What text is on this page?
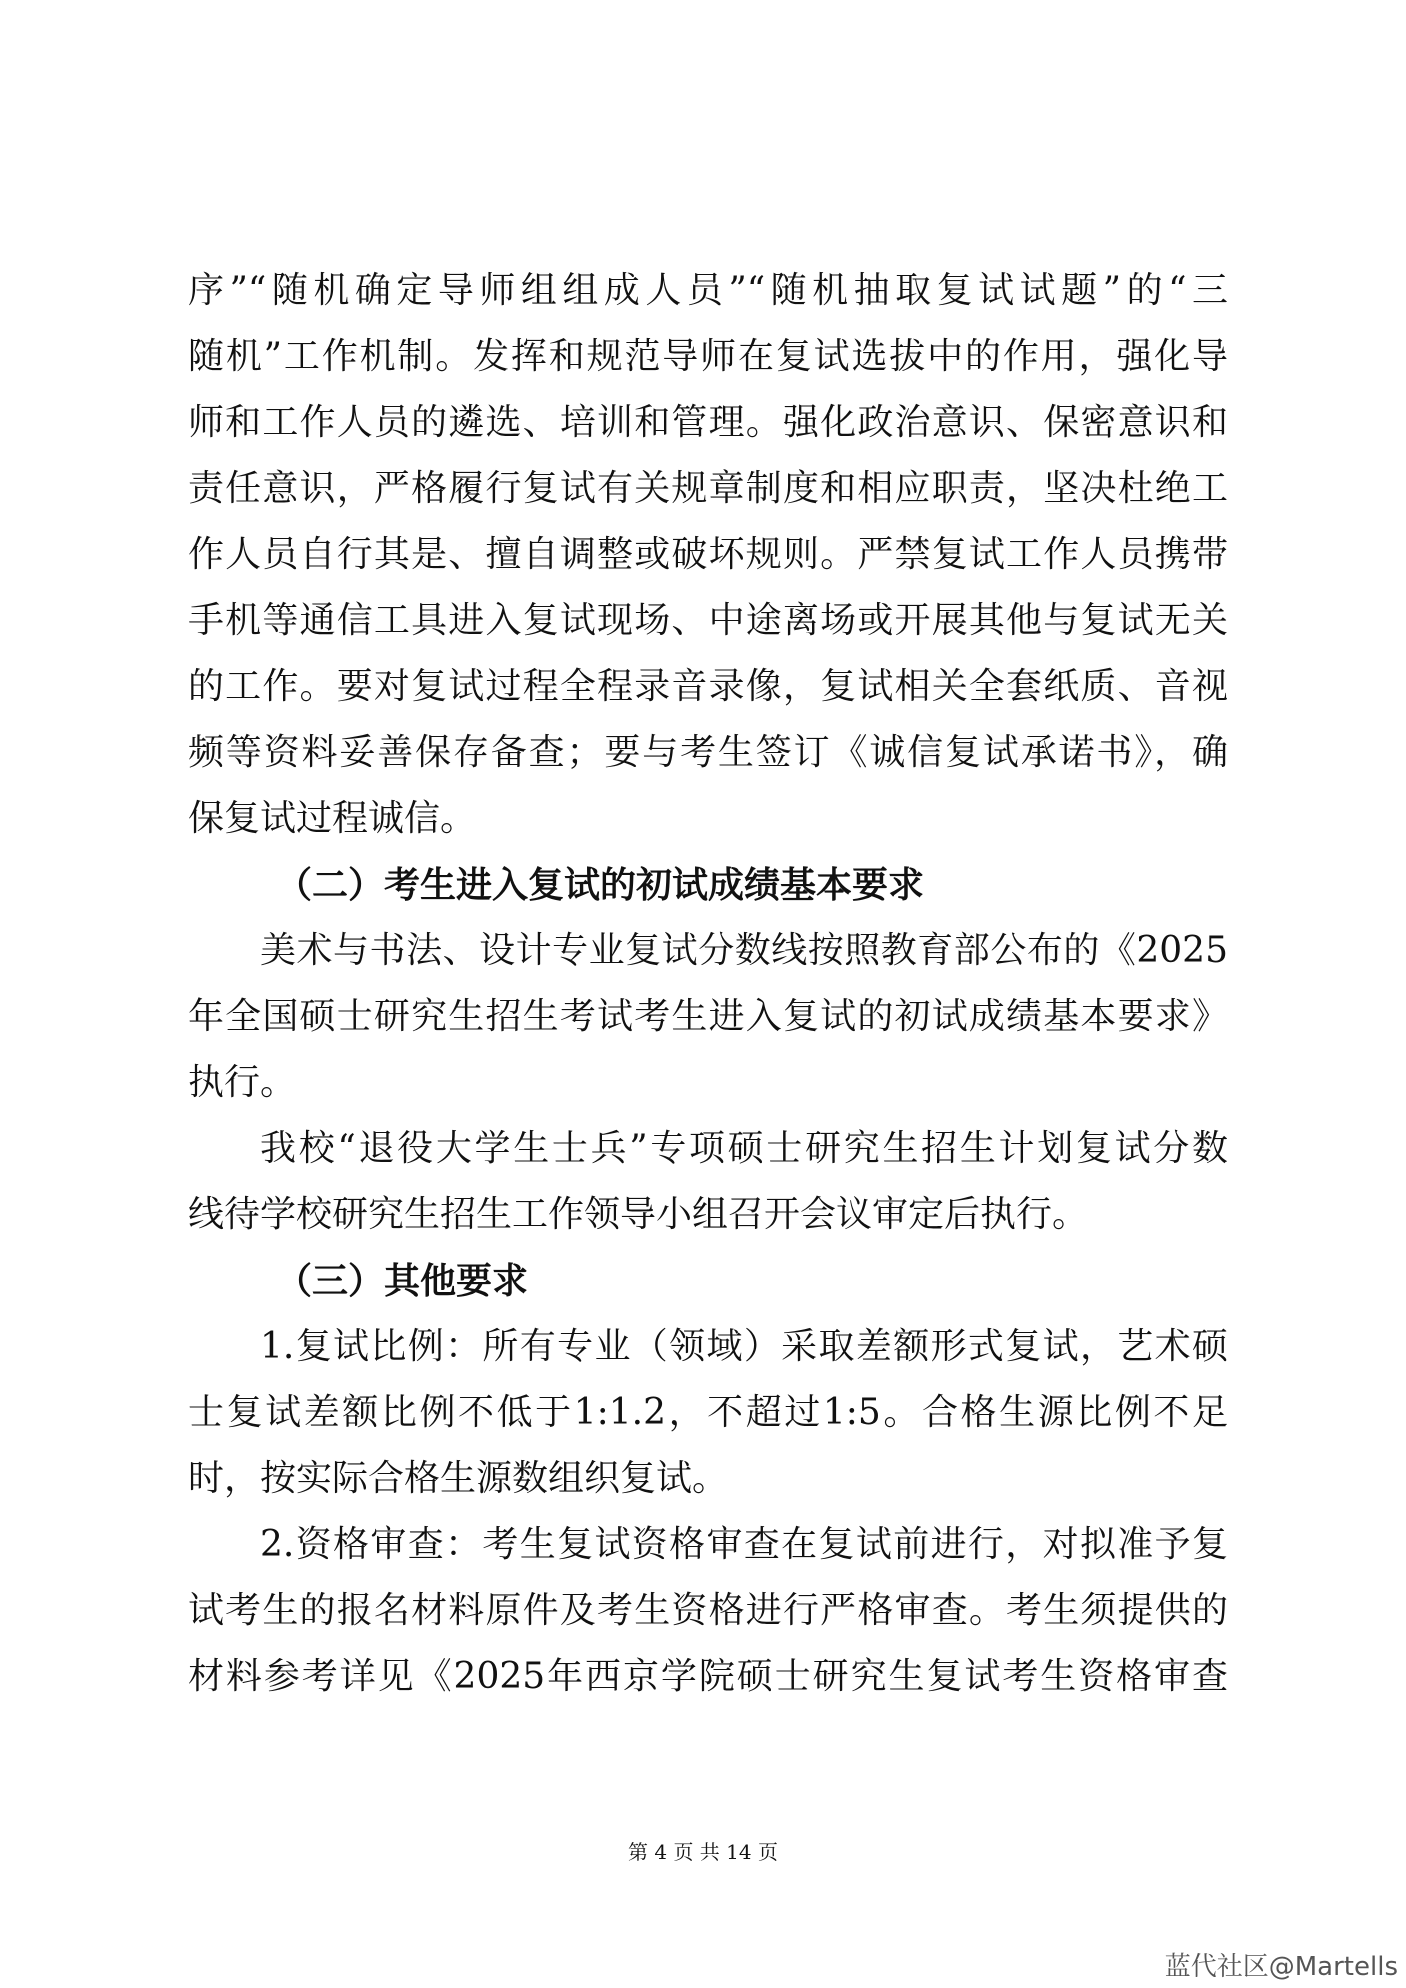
序”“随机确定导师组组成人员”“随机抽取复试试题”的“三
随机”工作机制。发挥和规范导师在复试选拔中的作用，强化导
师和工作人员的遴选、培训和管理。强化政治意识、保密意识和
责任意识，严格履行复试有关规章制度和相应职责，坚决杜绝工
作人员自行其是、擅自调整或破坏规则。严禁复试工作人员携带
手机等通信工具进入复试现场、中途离场或开展其他与复试无关
的工作。要对复试过程全程录音录像，复试相关全套纸质、音视
频等资料妥善保存备查；要与考生签订《诚信复试承诺书》，确
保复试过程诚信。
（二）考生进入复试的初试成绩基本要求
美术与书法、设计专业复试分数线按照教育部公布的《2025
年全国硕士研究生招生考试考生进入复试的初试成绩基本要求》
执行。
我校“退役大学生士兵”专项硕士研究生招生计划复试分数
线待学校研究生招生工作领导小组召开会议审定后执行。
（三）其他要求
1.复试比例：所有专业（领域）采取差额形式复试，艺术硕
士复试差额比例不低于1:1.2，不超过1:5。合格生源比例不足
时，按实际合格生源数组织复试。
2.资格审查：考生复试资格审查在复试前进行，对拟准予复
试考生的报名材料原件及考生资格进行严格审查。考生须提供的
材料参考详见《2025年西京学院硕士研究生复试考生资格审查
第 4 页 共 14 页
蓝代社区@Martells
